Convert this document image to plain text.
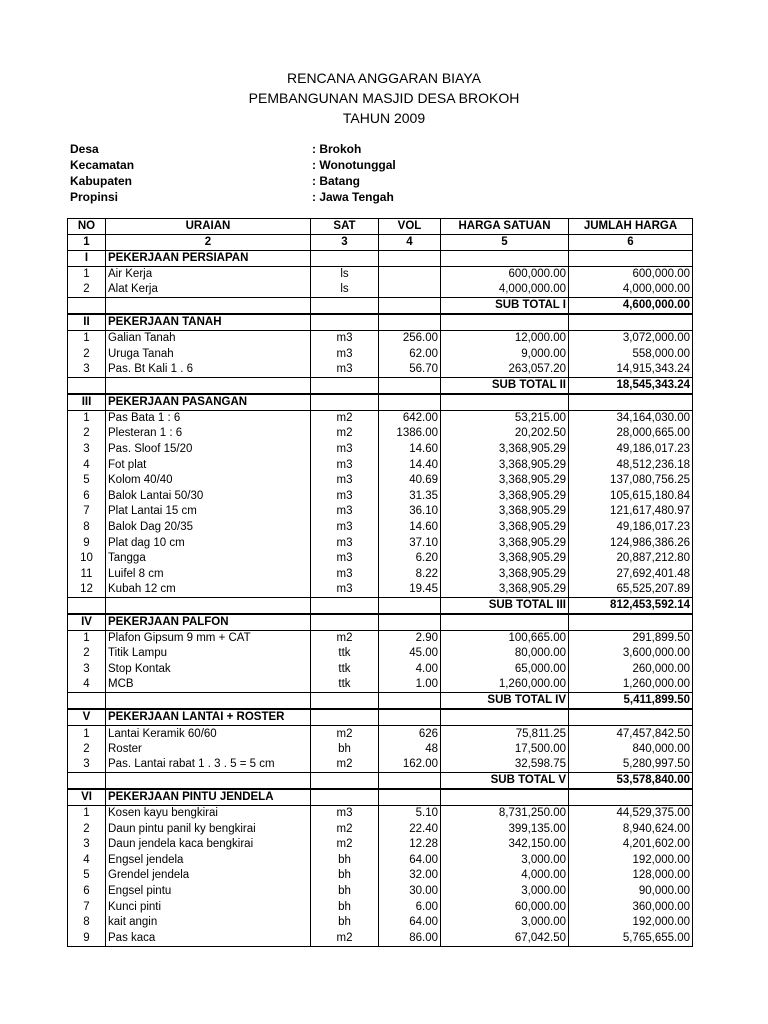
RENCANA ANGGARAN BIAYA
PEMBANGUNAN MASJID DESA BROKOH
TAHUN 2009
Desa	: Brokoh
Kecamatan	: Wonotunggal
Kabupaten	: Batang
Propinsi	: Jawa Tengah
NO	URAIAN	SAT	VOL	HARGA SATUAN	JUMLAH HARGA
1	2	3	4	5	6
I	PEKERJAAN PERSIAPAN				
1	Air Kerja	ls		600,000.00	600,000.00
2	Alat Kerja	ls		4,000,000.00	4,000,000.00
				SUB TOTAL I	4,600,000.00
II	PEKERJAAN TANAH				
1	Galian Tanah	m3	256.00	12,000.00	3,072,000.00
2	Uruga Tanah	m3	62.00	9,000.00	558,000.00
3	Pas. Bt Kali 1 . 6	m3	56.70	263,057.20	14,915,343.24
				SUB TOTAL II	18,545,343.24
III	PEKERJAAN PASANGAN				
1	Pas Bata 1 : 6	m2	642.00	53,215.00	34,164,030.00
2	Plesteran 1 : 6	m2	1386.00	20,202.50	28,000,665.00
3	Pas. Sloof 15/20	m3	14.60	3,368,905.29	49,186,017.23
4	Fot plat	m3	14.40	3,368,905.29	48,512,236.18
5	Kolom 40/40	m3	40.69	3,368,905.29	137,080,756.25
6	Balok Lantai 50/30	m3	31.35	3,368,905.29	105,615,180.84
7	Plat Lantai 15 cm	m3	36.10	3,368,905.29	121,617,480.97
8	Balok Dag 20/35	m3	14.60	3,368,905.29	49,186,017.23
9	Plat dag 10 cm	m3	37.10	3,368,905.29	124,986,386.26
10	Tangga	m3	6.20	3,368,905.29	20,887,212.80
11	Luifel 8 cm	m3	8.22	3,368,905.29	27,692,401.48
12	Kubah 12 cm	m3	19.45	3,368,905.29	65,525,207.89
				SUB TOTAL III	812,453,592.14
IV	PEKERJAAN PALFON				
1	Plafon Gipsum 9 mm + CAT	m2	2.90	100,665.00	291,899.50
2	Titik Lampu	ttk	45.00	80,000.00	3,600,000.00
3	Stop Kontak	ttk	4.00	65,000.00	260,000.00
4	MCB	ttk	1.00	1,260,000.00	1,260,000.00
				SUB TOTAL IV	5,411,899.50
V	PEKERJAAN LANTAI + ROSTER				
1	Lantai Keramik 60/60	m2	626	75,811.25	47,457,842.50
2	Roster	bh	48	17,500.00	840,000.00
3	Pas. Lantai rabat 1 . 3 . 5 = 5 cm	m2	162.00	32,598.75	5,280,997.50
				SUB TOTAL V	53,578,840.00
VI	PEKERJAAN PINTU JENDELA				
1	Kosen kayu bengkirai	m3	5.10	8,731,250.00	44,529,375.00
2	Daun pintu panil ky bengkirai	m2	22.40	399,135.00	8,940,624.00
3	Daun jendela kaca bengkirai	m2	12.28	342,150.00	4,201,602.00
4	Engsel jendela	bh	64.00	3,000.00	192,000.00
5	Grendel jendela	bh	32.00	4,000.00	128,000.00
6	Engsel pintu	bh	30.00	3,000.00	90,000.00
7	Kunci pinti	bh	6.00	60,000.00	360,000.00
8	kait angin	bh	64.00	3,000.00	192,000.00
9	Pas kaca	m2	86.00	67,042.50	5,765,655.00
